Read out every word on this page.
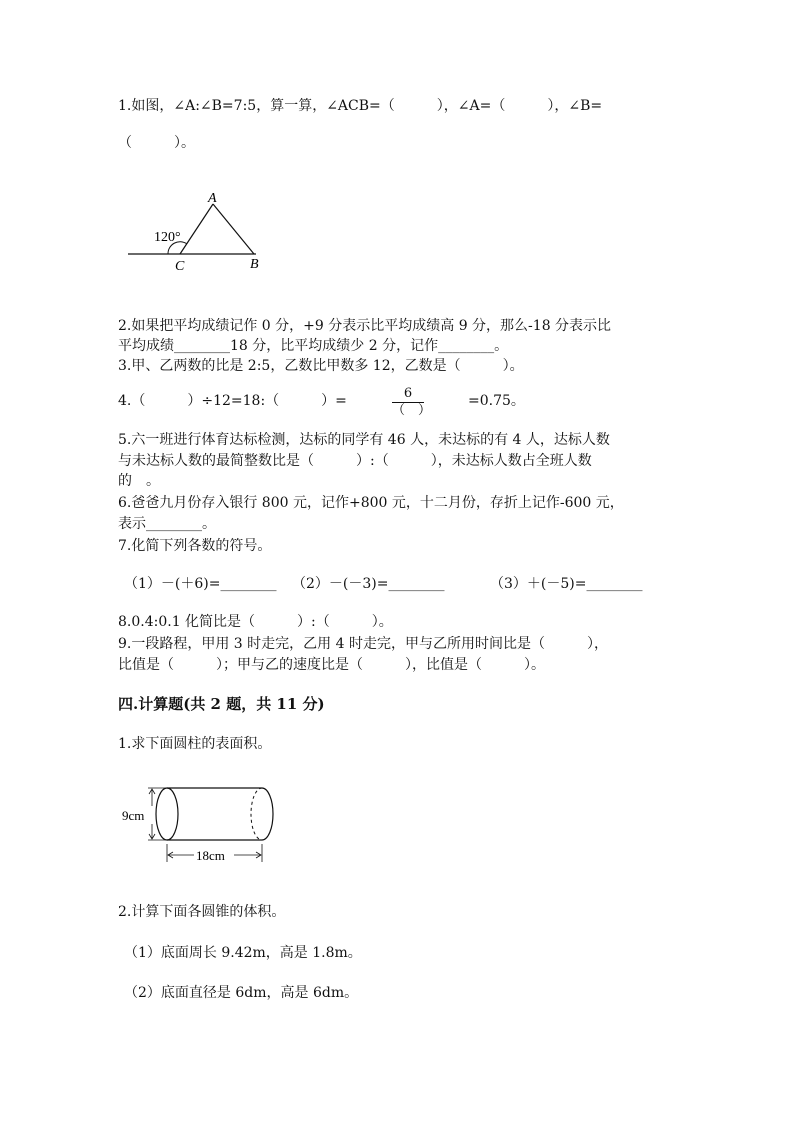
1.如图，∠A:∠B=7:5，算一算，∠ACB=（　　　），∠A=（　　　），∠B=
（　　　）。
120°
A
B
C
2.如果把平均成绩记作 0 分，+9 分表示比平均成绩高 9 分，那么-18 分表示比
平均成绩________18 分，比平均成绩少 2 分，记作________。
3.甲、乙两数的比是 2:5，乙数比甲数多 12，乙数是（　　　）。
4.（　　　）÷12=18:（　　　）=	6
（　）
=0.75。
5.六一班进行体育达标检测，达标的同学有 46 人，未达标的有 4 人，达标人数
与未达标人数的最简整数比是（　　　）:（　　　），未达标人数占全班人数
的　。
6.爸爸九月份存入银行 800 元，记作+800 元，十二月份，存折上记作-600 元，
表示________。
7.化简下列各数的符号。
（1）－(＋6)=________ （2）－(－3)=________	（3）＋(－5)=________
8.0.4:0.1 化简比是（　　　）:（　　　）。
9.一段路程，甲用 3 时走完，乙用 4 时走完，甲与乙所用时间比是（　　　），
比值是（　　　）；甲与乙的速度比是（　　　），比值是（　　　）。
四.计算题(共 2 题，共 11 分)
1.求下面圆柱的表面积。
9cm
18cm
2.计算下面各圆锥的体积。
（1）底面周长 9.42m，高是 1.8m。
（2）底面直径是 6dm，高是 6dm。
